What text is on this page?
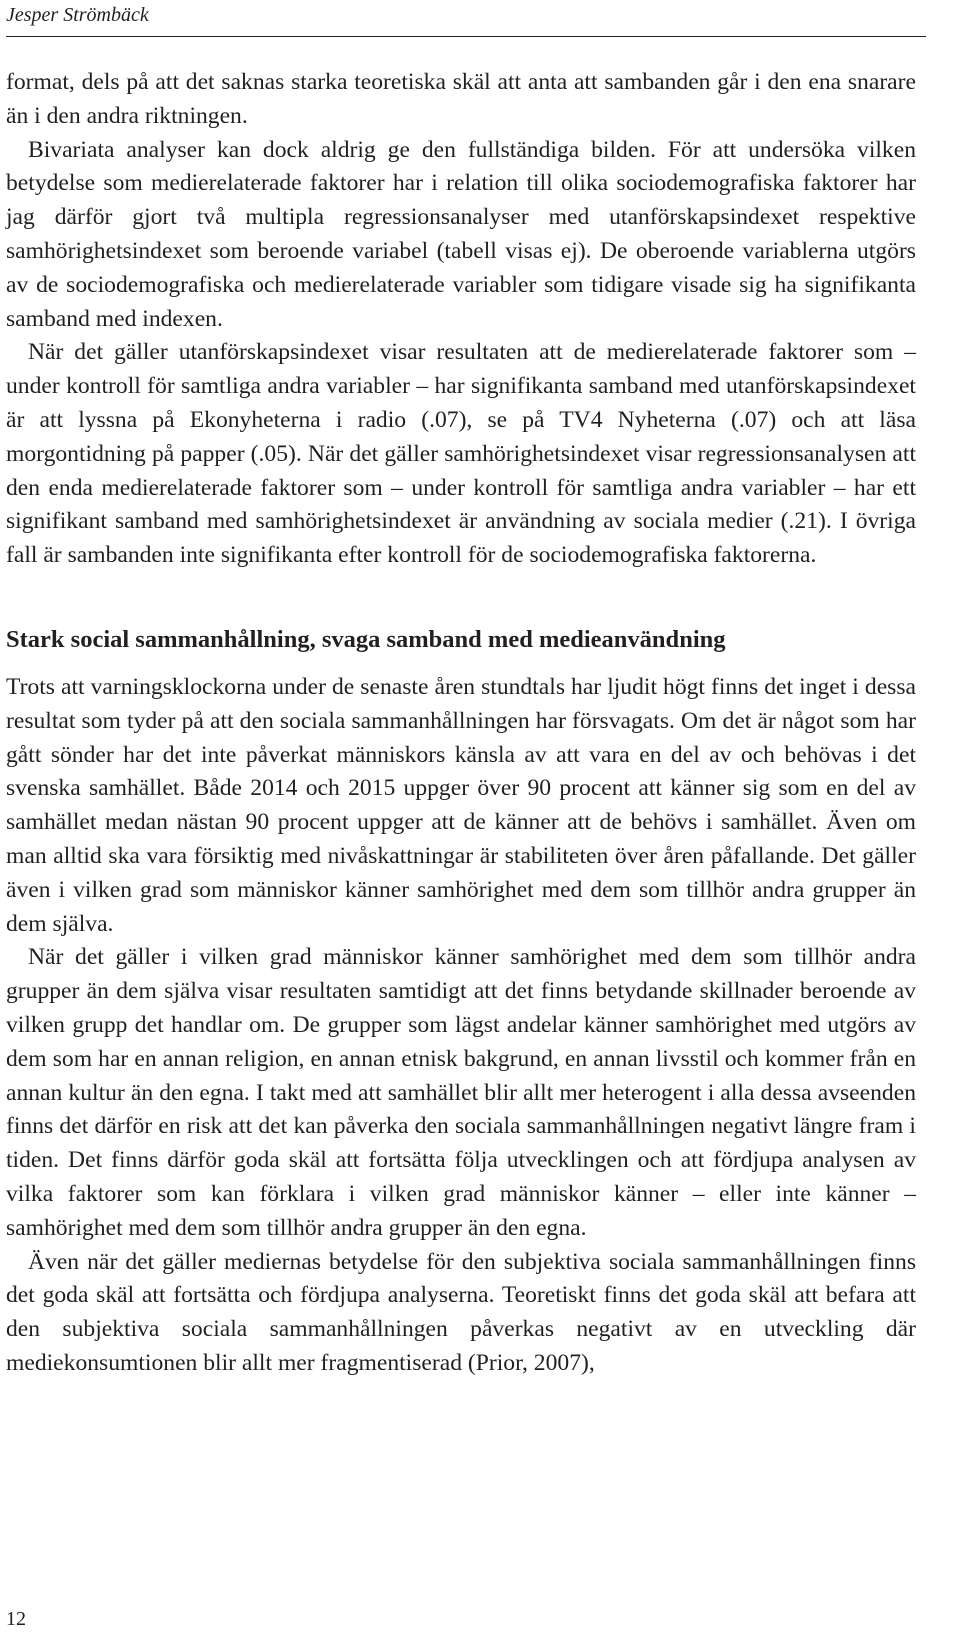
Jesper Strömbäck

format, dels på att det saknas starka teoretiska skäl att anta att sambanden går i den ena snarare än i den andra riktningen.

Bivariata analyser kan dock aldrig ge den fullständiga bilden. För att undersöka vilken betydelse som medierelaterade faktorer har i relation till olika sociodemografiska faktorer har jag därför gjort två multipla regressionsanalyser med utanförskapsindexet respektive samhörighetsindexet som beroende variabel (tabell visas ej). De oberoende variablerna utgörs av de sociodemografiska och medierelaterade variabler som tidigare visade sig ha signifikanta samband med indexen.

När det gäller utanförskapsindexet visar resultaten att de medierelaterade faktorer som – under kontroll för samtliga andra variabler – har signifikanta samband med utanförskapsindexet är att lyssna på Ekonyheterna i radio (.07), se på TV4 Nyheterna (.07) och att läsa morgontidning på papper (.05). När det gäller samhörighetsindexet visar regressionsanalysen att den enda medierelaterade faktorer som – under kontroll för samtliga andra variabler – har ett signifikant samband med samhörighetsindexet är användning av sociala medier (.21). I övriga fall är sambanden inte signifikanta efter kontroll för de sociodemografiska faktorerna.

Stark social sammanhållning, svaga samband med medieanvändning

Trots att varningsklockorna under de senaste åren stundtals har ljudit högt finns det inget i dessa resultat som tyder på att den sociala sammanhållningen har försvagats. Om det är något som har gått sönder har det inte påverkat människors känsla av att vara en del av och behövas i det svenska samhället. Både 2014 och 2015 uppger över 90 procent att känner sig som en del av samhället medan nästan 90 procent uppger att de känner att de behövs i samhället. Även om man alltid ska vara försiktig med nivåskattningar är stabiliteten över åren påfallande. Det gäller även i vilken grad som människor känner samhörighet med dem som tillhör andra grupper än dem själva.

När det gäller i vilken grad människor känner samhörighet med dem som tillhör andra grupper än dem själva visar resultaten samtidigt att det finns betydande skillnader beroende av vilken grupp det handlar om. De grupper som lägst andelar känner samhörighet med utgörs av dem som har en annan religion, en annan etnisk bakgrund, en annan livsstil och kommer från en annan kultur än den egna. I takt med att samhället blir allt mer heterogent i alla dessa avseenden finns det därför en risk att det kan påverka den sociala sammanhållningen negativt längre fram i tiden. Det finns därför goda skäl att fortsätta följa utvecklingen och att fördjupa analysen av vilka faktorer som kan förklara i vilken grad människor känner – eller inte känner – samhörighet med dem som tillhör andra grupper än den egna.

Även när det gäller mediernas betydelse för den subjektiva sociala sammanhållningen finns det goda skäl att fortsätta och fördjupa analyserna. Teoretiskt finns det goda skäl att befara att den subjektiva sociala sammanhållningen påverkas negativt av en utveckling där mediekonsumtionen blir allt mer fragmentiserad (Prior, 2007),

12
